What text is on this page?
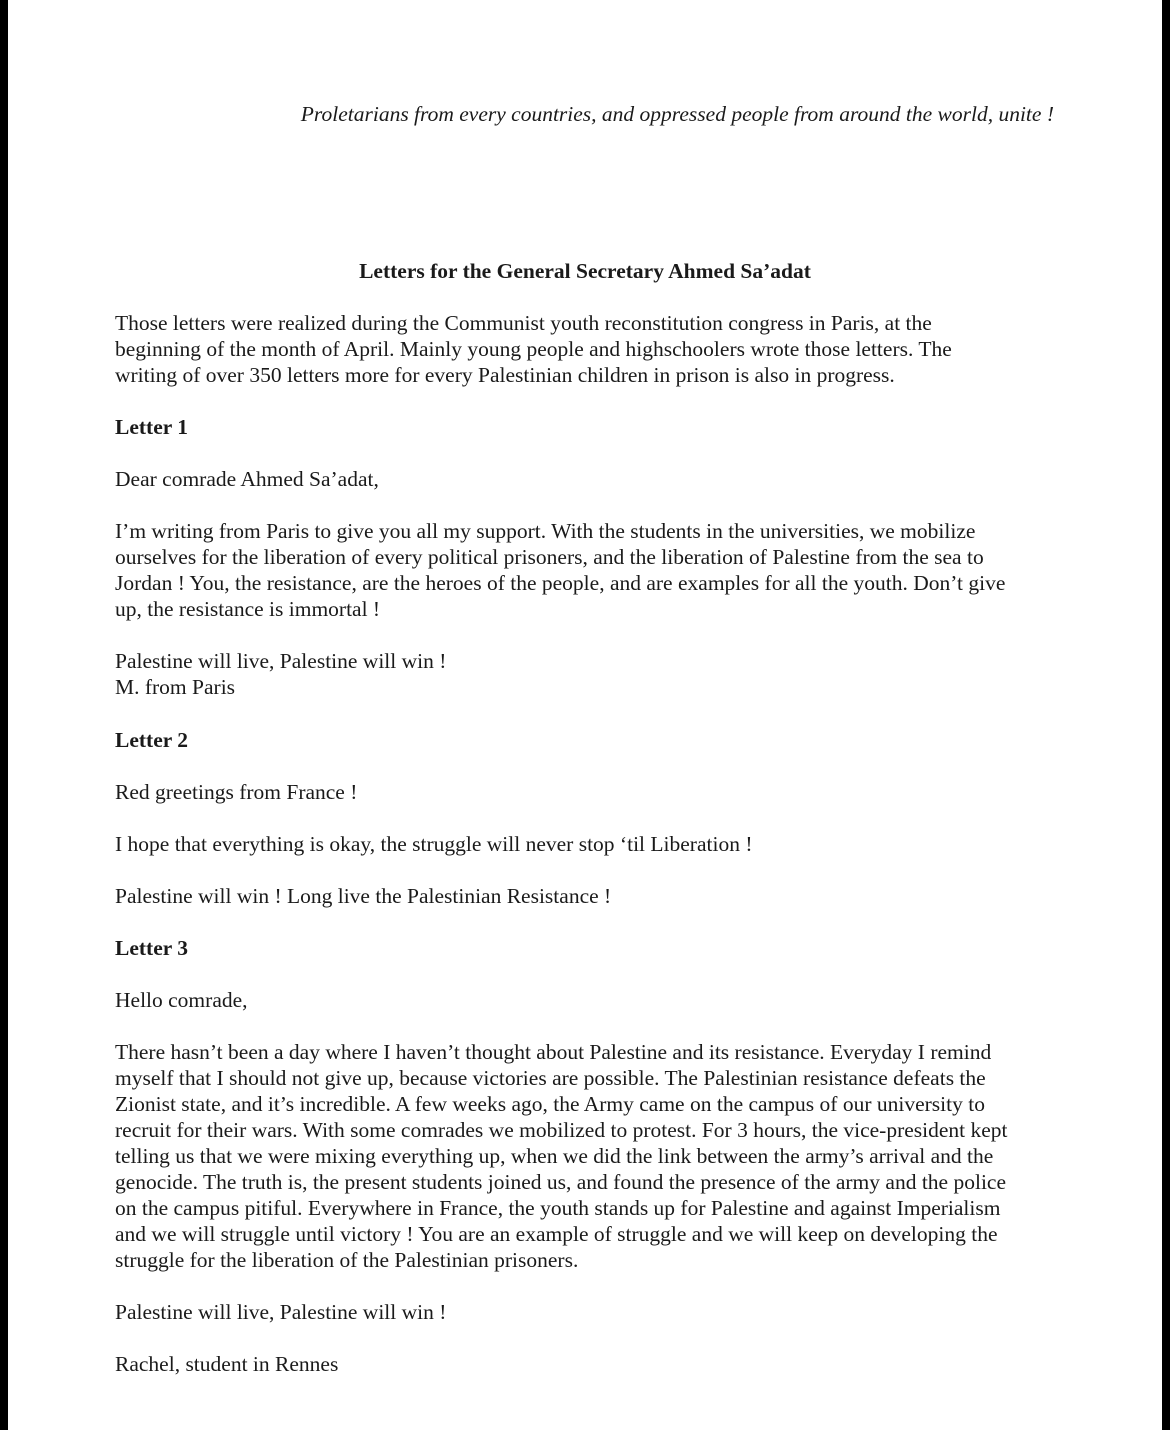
Proletarians from every countries, and oppressed people from around the world, unite !
Letters for the General Secretary Ahmed Sa’adat

Those letters were realized during the Communist youth reconstitution congress in Paris, at the

beginning of the month of April. Mainly young people and highschoolers wrote those letters. The

writing of over 350 letters more for every Palestinian children in prison is also in progress.

Letter 1
Dear comrade Ahmed Sa’adat,

I’m writing from Paris to give you all my support. With the students in the universities, we mobilize

ourselves for the liberation of every political prisoners, and the liberation of Palestine from the sea to

Jordan ! You, the resistance, are the heroes of the people, and are examples for all the youth. Don’t give

up, the resistance is immortal !

Palestine will live, Palestine will win !

M. from Paris

Letter 2
Red greetings from France !

I hope that everything is okay, the struggle will never stop ‘til Liberation !

Palestine will win ! Long live the Palestinian Resistance !
Letter 3
Hello comrade,

There hasn’t been a day where I haven’t thought about Palestine and its resistance. Everyday I remind

myself that I should not give up, because victories are possible. The Palestinian resistance defeats the

Zionist state, and it’s incredible. A few weeks ago, the Army came on the campus of our university to

recruit for their wars. With some comrades we mobilized to protest. For 3 hours, the vice-president kept

telling us that we were mixing everything up, when we did the link between the army’s arrival and the

genocide. The truth is, the present students joined us, and found the presence of the army and the police

on the campus pitiful. Everywhere in France, the youth stands up for Palestine and against Imperialism

and we will struggle until victory ! You are an example of struggle and we will keep on developing the

struggle for the liberation of the Palestinian prisoners.

Palestine will live, Palestine will win !
Rachel, student in Rennes
